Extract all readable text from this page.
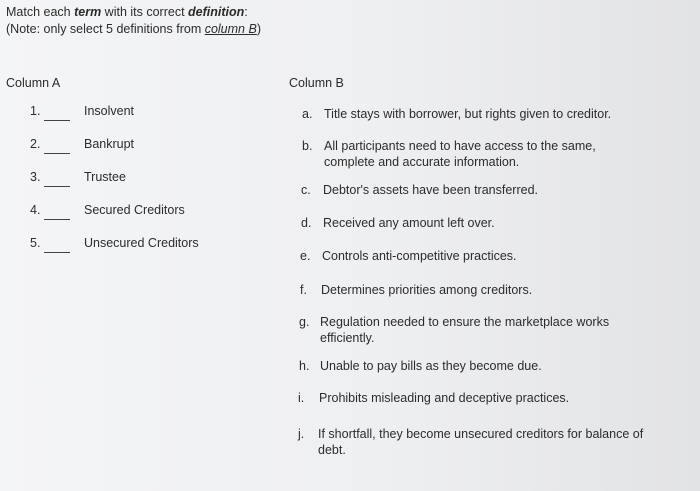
Match each term with its correct definition:
(Note: only select 5 definitions from column B)
Column A	Column B
1.	Insolvent
2.	Bankrupt
3.	Trustee
4.	Secured Creditors
5.	Unsecured Creditors
a. Title stays with borrower, but rights given to creditor.
b. All participants need to have access to the same, complete and accurate information.
c. Debtor's assets have been transferred.
d. Received any amount left over.
e. Controls anti-competitive practices.
f. Determines priorities among creditors.
g. Regulation needed to ensure the marketplace works efficiently.
h. Unable to pay bills as they become due.
i. Prohibits misleading and deceptive practices.
j. If shortfall, they become unsecured creditors for balance of debt.
